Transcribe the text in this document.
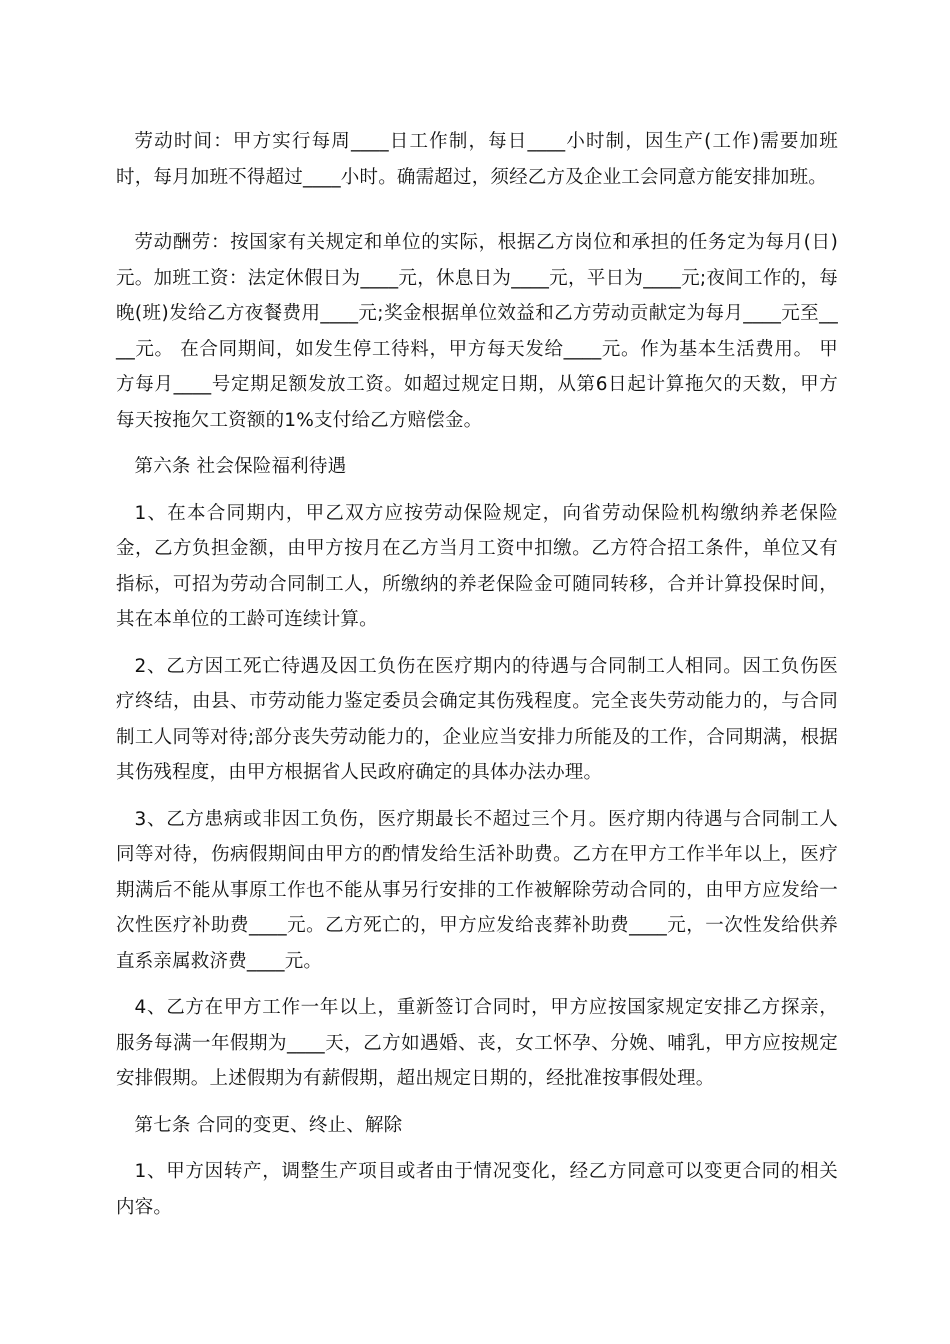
劳动时间：甲方实行每周____日工作制，每日____小时制，因生产(工作)需要加班时，每月加班不得超过____小时。确需超过，须经乙方及企业工会同意方能安排加班。

劳动酬劳：按国家有关规定和单位的实际，根据乙方岗位和承担的任务定为每月(日) 元。加班工资：法定休假日为____元，休息日为____元，平日为____元;夜间工作的，每晚(班)发给乙方夜餐费用____元;奖金根据单位效益和乙方劳动贡献定为每月____元至____元。 在合同期间，如发生停工待料，甲方每天发给____元。作为基本生活费用。 甲方每月____号定期足额发放工资。如超过规定日期，从第6日起计算拖欠的天数，甲方每天按拖欠工资额的1%支付给乙方赔偿金。

第六条 社会保险福利待遇

1、在本合同期内，甲乙双方应按劳动保险规定，向省劳动保险机构缴纳养老保险金，乙方负担金额，由甲方按月在乙方当月工资中扣缴。乙方符合招工条件，单位又有指标，可招为劳动合同制工人，所缴纳的养老保险金可随同转移，合并计算投保时间，其在本单位的工龄可连续计算。

2、乙方因工死亡待遇及因工负伤在医疗期内的待遇与合同制工人相同。因工负伤医疗终结，由县、市劳动能力鉴定委员会确定其伤残程度。完全丧失劳动能力的，与合同制工人同等对待;部分丧失劳动能力的，企业应当安排力所能及的工作，合同期满，根据其伤残程度，由甲方根据省人民政府确定的具体办法办理。

3、乙方患病或非因工负伤，医疗期最长不超过三个月。医疗期内待遇与合同制工人同等对待，伤病假期间由甲方的酌情发给生活补助费。乙方在甲方工作半年以上，医疗期满后不能从事原工作也不能从事另行安排的工作被解除劳动合同的，由甲方应发给一次性医疗补助费____元。乙方死亡的，甲方应发给丧葬补助费____元，一次性发给供养直系亲属救济费____元。

4、乙方在甲方工作一年以上，重新签订合同时，甲方应按国家规定安排乙方探亲，服务每满一年假期为____天，乙方如遇婚、丧，女工怀孕、分娩、哺乳，甲方应按规定安排假期。上述假期为有薪假期，超出规定日期的，经批准按事假处理。

第七条 合同的变更、终止、解除

1、甲方因转产，调整生产项目或者由于情况变化，经乙方同意可以变更合同的相关内容。
